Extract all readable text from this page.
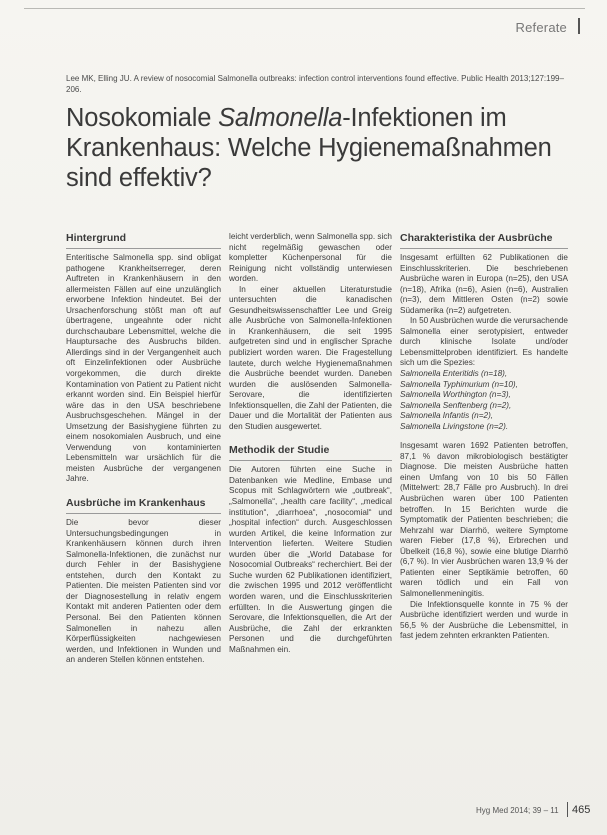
Referate
Lee MK, Elling JU. A review of nosocomial Salmonella outbreaks: infection control interventions found effective. Public Health 2013;127:199–206.
Nosokomiale Salmonella-Infektionen im Krankenhaus: Welche Hygienemaßnahmen sind effektiv?
Hintergrund

Enteritische Salmonella spp. sind obligat pathogene Krankheitserreger, deren Auftreten in Krankenhäusern in den allermeisten Fällen auf eine unzulänglich erworbene Infektion hindeutet. Bei der Ursachenforschung stößt man oft auf übertragene, ungeahnte oder nicht durchschaubare Lebensmittel, welche die Hauptursache des Ausbruchs bilden. Allerdings sind in der Vergangenheit auch oft Einzelinfektionen oder Ausbrüche vorgekommen, die durch direkte Kontamination von Patient zu Patient nicht erkannt worden sind. Ein Beispiel hierfür wäre das in den USA beschriebene Ausbruchsgeschehen. Mängel in der Umsetzung der Basishygiene führten zu einem nosokomialen Ausbruch, und eine Verwendung von kontaminierten Lebensmitteln war ursächlich für die meisten Ausbrüche der vergangenen Jahre.

Ausbrüche im Krankenhaus

Die bevor dieser Untersuchungsbedingungen in Krankenhäusern können durch ihren Salmonella-Infektionen, die zunächst nur durch Fehler in der Basishygiene entstehen, durch den Kontakt zu Patienten. Die meisten Patienten sind vor der Diagnosestellung in relativ engem Kontakt mit anderen Patienten oder dem Personal. Bei den Patienten können Salmonellen in nahezu allen Körperflüssigkeiten nachgewiesen werden, und Infektionen in Wunden und an anderen Stellen können entstehen.

leicht verderblich, wenn Salmonella spp. sich nicht regelmäßig gewaschen oder kompletter Küchenpersonal für die Reinigung nicht vollständig unterwiesen worden.

In einer aktuellen Literaturstudie untersuchten die kanadischen Gesundheitswissenschaftler Lee und Greig alle Ausbrüche von Salmonella-Infektionen in Krankenhäusern, die seit 1995 aufgetreten sind und in englischer Sprache publiziert worden waren. Die Fragestellung lautete, durch welche Hygienemaßnahmen die Ausbrüche beendet wurden. Daneben wurden die auslösenden Salmonella-Serovare, die identifizierten Infektionsquellen, die Zahl der Patienten, die Dauer und die Mortalität der Patienten aus den Studien ausgewertet.

Methodik der Studie

Die Autoren führten eine Suche in Datenbanken wie Medline, Embase und Scopus mit Schlagwörtern wie „outbreak“, „Salmonella“, „health care facility“, „medical institution“, „diarrhoea“, „nosocomial“ und „hospital infection“ durch. Ausgeschlossen wurden Artikel, die keine Information zur Intervention lieferten. Weitere Studien wurden über die „World Database for Nosocomial Outbreaks“ recherchiert. Bei der Suche wurden 62 Publikationen identifiziert, die zwischen 1995 und 2012 veröffentlicht worden waren, und die Einschlusskriterien erfüllten. In die Auswertung gingen die Serovare, die Infektionsquellen, die Art der Ausbrüche, die Zahl der erkrankten Personen und die durchgeführten Maßnahmen ein.

Charakteristika der Ausbrüche

Insgesamt erfüllten 62 Publikationen die Einschlusskriterien. Die beschriebenen Ausbrüche waren in Europa (n=25), den USA (n=18), Afrika (n=6), Asien (n=6), Australien (n=3), dem Mittleren Osten (n=2) sowie Südamerika (n=2) aufgetreten.

In 50 Ausbrüchen wurde die verursachende Salmonella einer serotypisiert, entweder durch klinische Isolate und/oder Lebensmittelproben identifiziert. Es handelte sich um die Spezies:

Salmonella Enteritidis (n=18),
Salmonella Typhimurium (n=10),
Salmonella Worthington (n=3),
Salmonella Senftenberg (n=2),
Salmonella Infantis (n=2),
Salmonella Livingstone (n=2).

Insgesamt waren 1692 Patienten betroffen, 87,1 % davon mikrobiologisch bestätigter Diagnose. Die meisten Ausbrüche hatten einen Umfang von 10 bis 50 Fällen (Mittelwert: 28,7 Fälle pro Ausbruch). In drei Ausbrüchen waren über 100 Patienten betroffen. In 15 Berichten wurde die Symptomatik der Patienten beschrieben; die Mehrzahl war Diarrhö, weitere Symptome waren Fieber (17,8 %), Erbrechen und Übelkeit (16,8 %), sowie eine blutige Diarrhö (6,7 %). In vier Ausbrüchen waren 13,9 % der Patienten einer Septikämie betroffen, 60 waren tödlich und ein Fall von Salmonellenmeningitis.

Die Infektionsquelle konnte in 75 % der Ausbrüche identifiziert werden und wurde in 56,5 % der Ausbrüche die Lebensmittel, in fast jedem zehnten erkrankten Patienten.

Hyg Med 2014; 39 – 11 465
